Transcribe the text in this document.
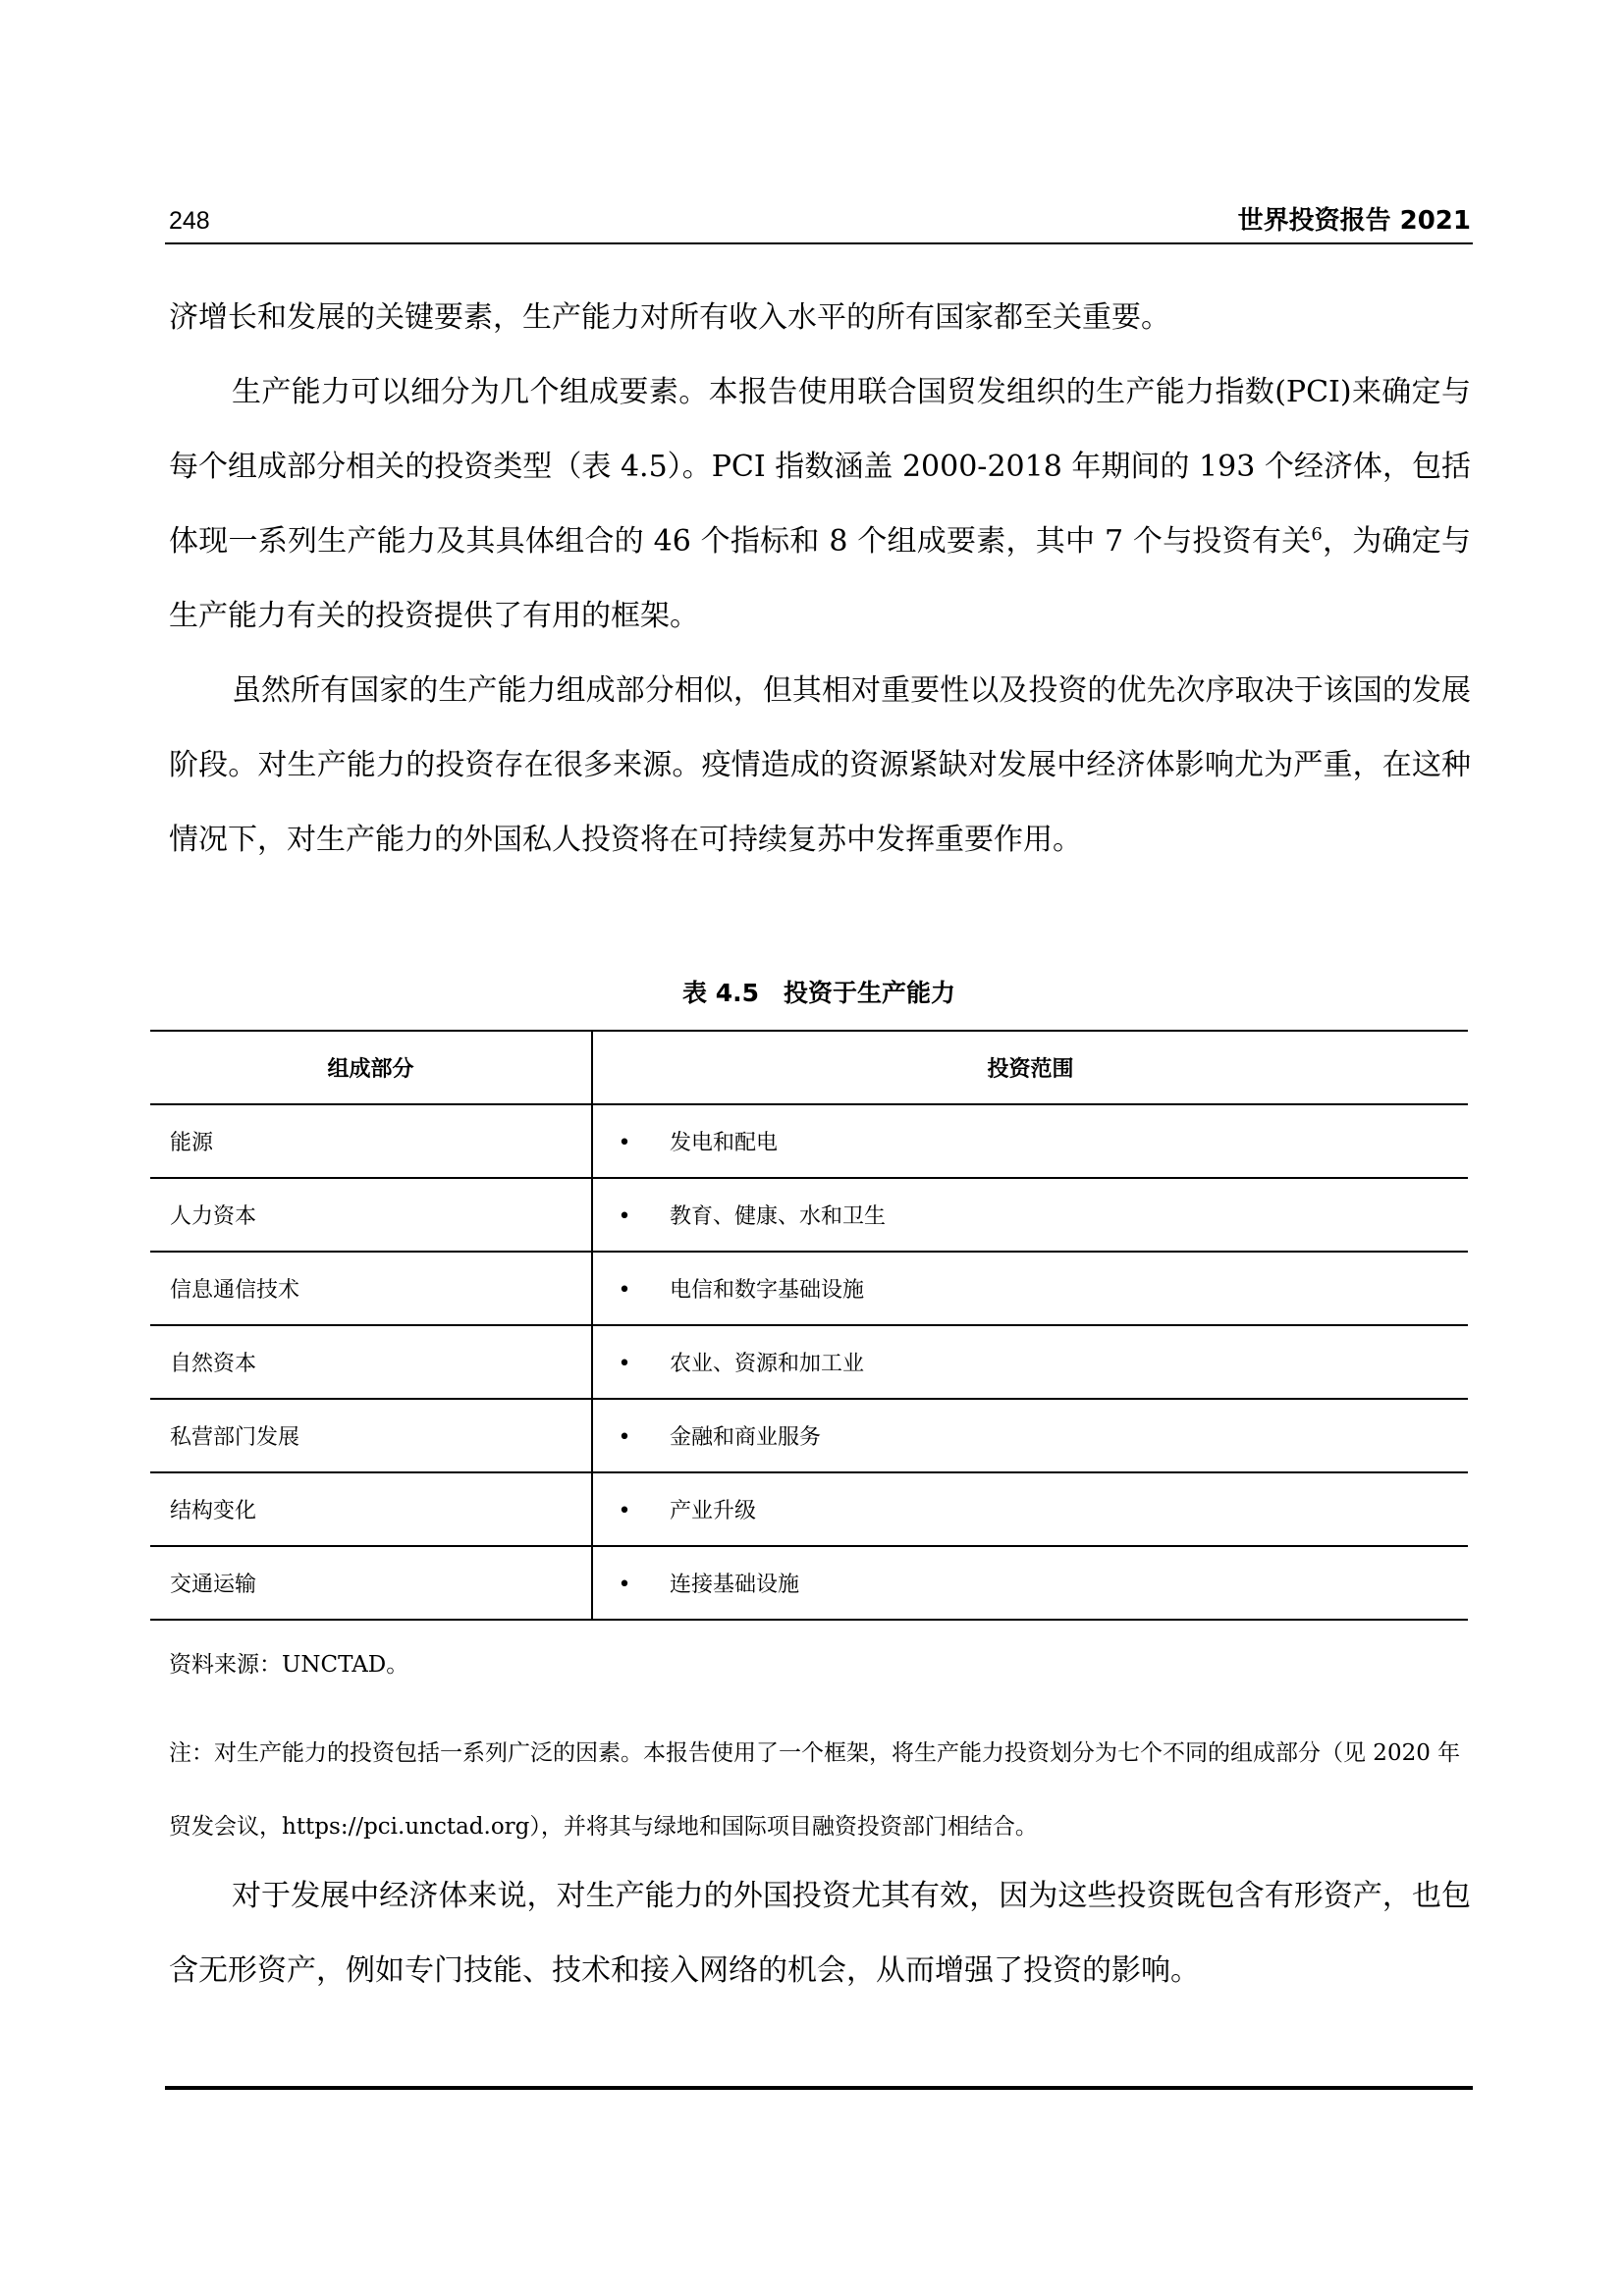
248	世界投资报告 2021

济增长和发展的关键要素，生产能力对所有收入水平的所有国家都至关重要。

生产能力可以细分为几个组成要素。本报告使用联合国贸发组织的生产能力指数(PCI)来确定与每个组成部分相关的投资类型（表 4.5）。PCI 指数涵盖 2000-2018 年期间的 193 个经济体，包括体现一系列生产能力及其具体组合的 46 个指标和 8 个组成要素，其中 7 个与投资有关$^6$，为确定与生产能力有关的投资提供了有用的框架。

虽然所有国家的生产能力组成部分相似，但其相对重要性以及投资的优先次序取决于该国的发展阶段。对生产能力的投资存在很多来源。疫情造成的资源紧缺对发展中经济体影响尤为严重，在这种情况下，对生产能力的外国私人投资将在可持续复苏中发挥重要作用。

表 4.5　投资于生产能力
组成部分	投资范围
能源	• 发电和配电
人力资本	• 教育、健康、水和卫生
信息通信技术	• 电信和数字基础设施
自然资本	• 农业、资源和加工业
私营部门发展	• 金融和商业服务
结构变化	• 产业升级
交通运输	• 连接基础设施

资料来源：UNCTAD。

注：对生产能力的投资包括一系列广泛的因素。本报告使用了一个框架，将生产能力投资划分为七个不同的组成部分（见 2020 年贸发会议，https://pci.unctad.org），并将其与绿地和国际项目融资投资部门相结合。

对于发展中经济体来说，对生产能力的外国投资尤其有效，因为这些投资既包含有形资产，也包含无形资产，例如专门技能、技术和接入网络的机会，从而增强了投资的影响。
